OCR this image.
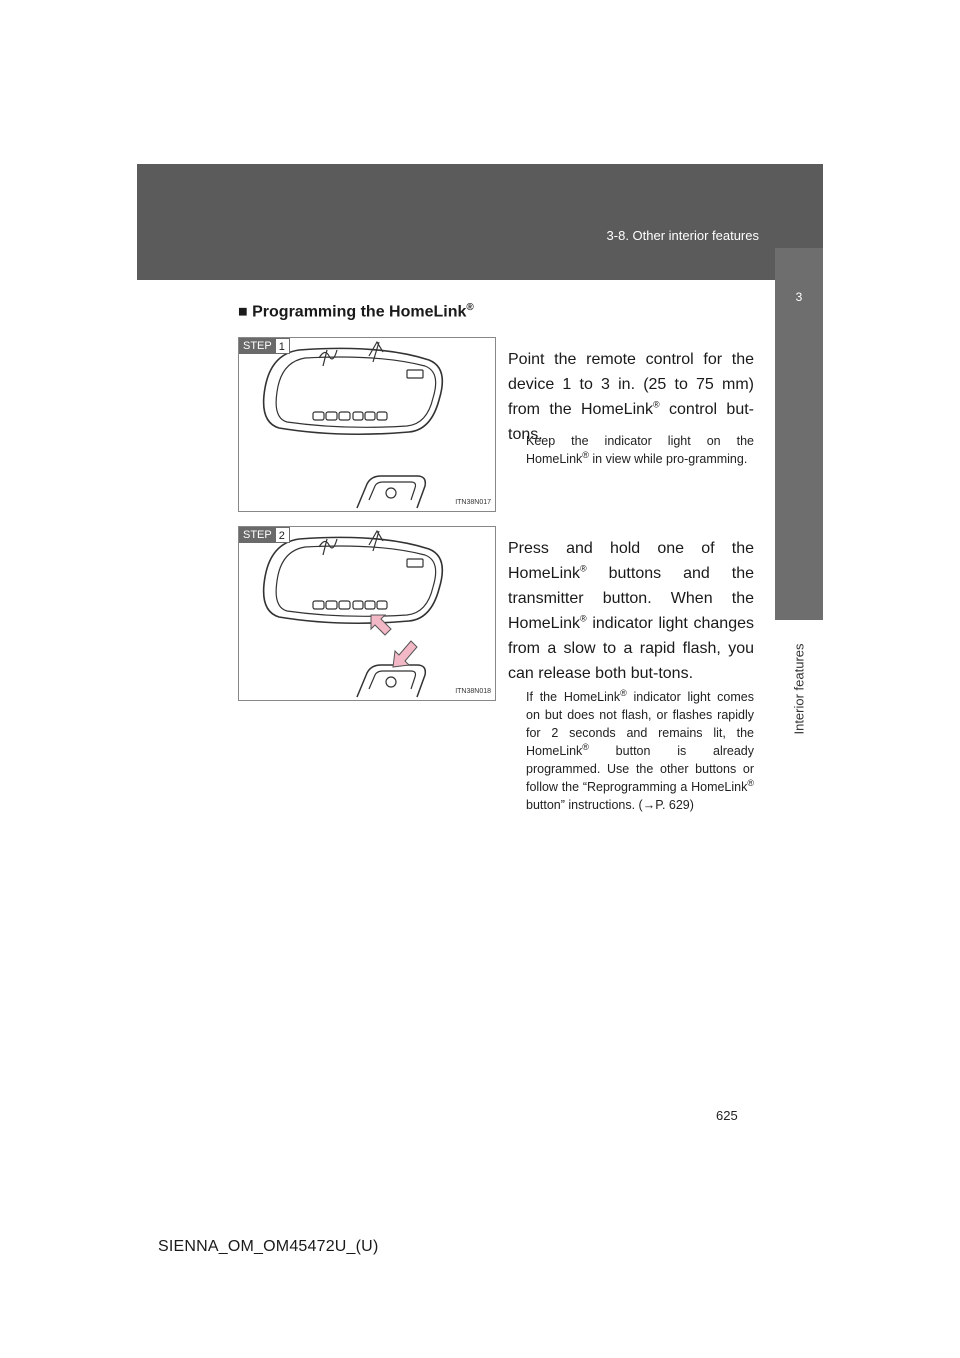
3-8. Other interior features
3
Interior features
■ Programming the HomeLink®
STEP 1
ITN38N017
Point the remote control for the device 1 to 3 in. (25 to 75 mm) from the HomeLink® control but-tons.
Keep the indicator light on the HomeLink® in view while pro-gramming.
STEP 2
ITN38N018
Press and hold one of the HomeLink® buttons and the transmitter button. When the HomeLink® indicator light changes from a slow to a rapid flash, you can release both but-tons.
If the HomeLink® indicator light comes on but does not flash, or flashes rapidly for 2 seconds and remains lit, the HomeLink® button is already programmed. Use the other buttons or follow the “Reprogramming a HomeLink® button” instructions. (→P. 629)
625
SIENNA_OM_OM45472U_(U)
